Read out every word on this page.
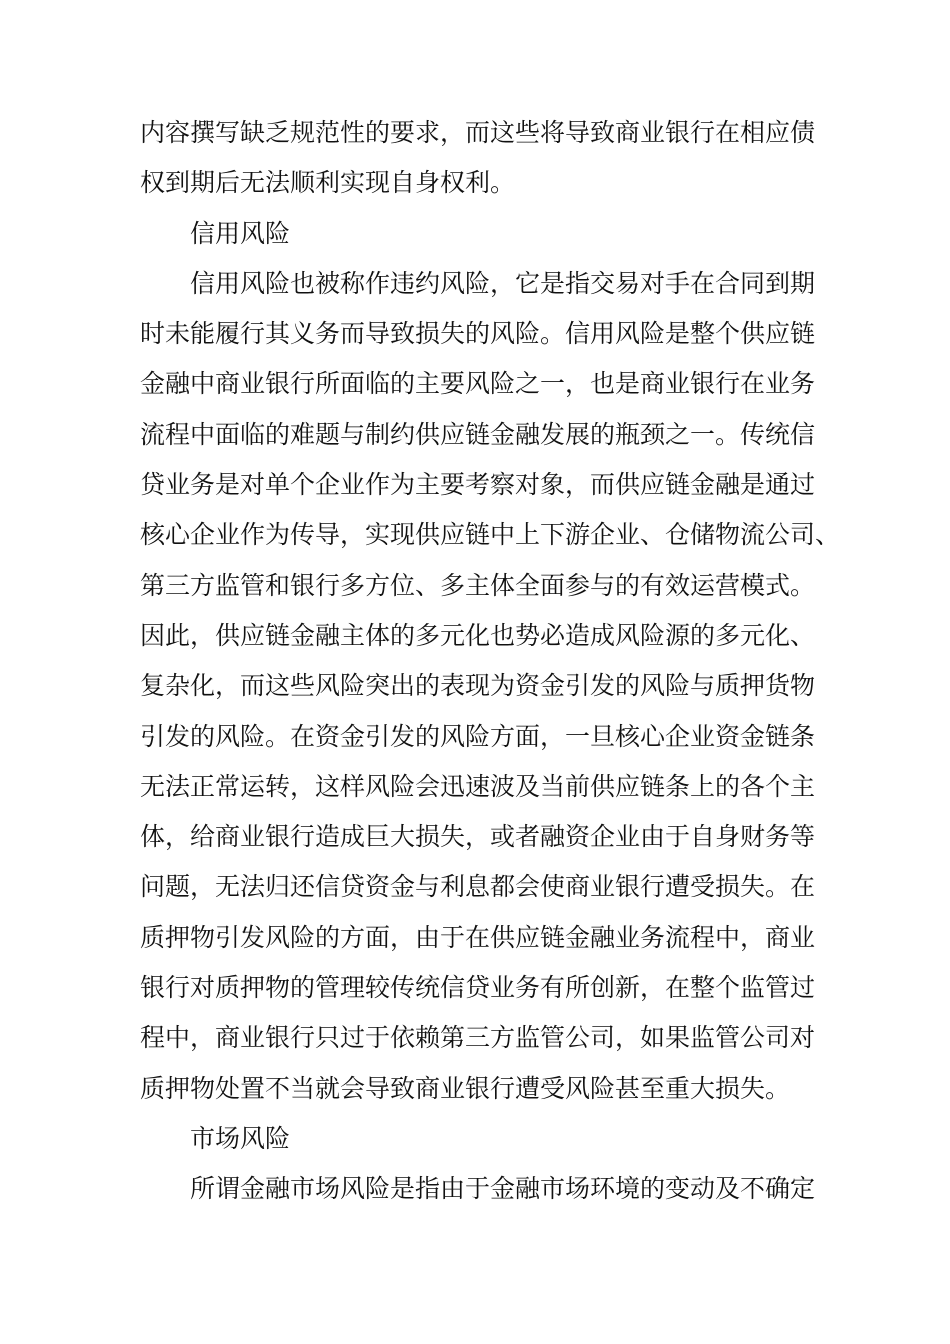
内容撰写缺乏规范性的要求，而这些将导致商业银行在相应债
权到期后无法顺利实现自身权利。
信用风险
信用风险也被称作违约风险，它是指交易对手在合同到期
时未能履行其义务而导致损失的风险。信用风险是整个供应链
金融中商业银行所面临的主要风险之一，也是商业银行在业务
流程中面临的难题与制约供应链金融发展的瓶颈之一。传统信
贷业务是对单个企业作为主要考察对象，而供应链金融是通过
核心企业作为传导，实现供应链中上下游企业、仓储物流公司、
第三方监管和银行多方位、多主体全面参与的有效运营模式。
因此，供应链金融主体的多元化也势必造成风险源的多元化、
复杂化，而这些风险突出的表现为资金引发的风险与质押货物
引发的风险。在资金引发的风险方面，一旦核心企业资金链条
无法正常运转，这样风险会迅速波及当前供应链条上的各个主
体，给商业银行造成巨大损失，或者融资企业由于自身财务等
问题，无法归还信贷资金与利息都会使商业银行遭受损失。在
质押物引发风险的方面，由于在供应链金融业务流程中，商业
银行对质押物的管理较传统信贷业务有所创新，在整个监管过
程中，商业银行只过于依赖第三方监管公司，如果监管公司对
质押物处置不当就会导致商业银行遭受风险甚至重大损失。
市场风险
所谓金融市场风险是指由于金融市场环境的变动及不确定
